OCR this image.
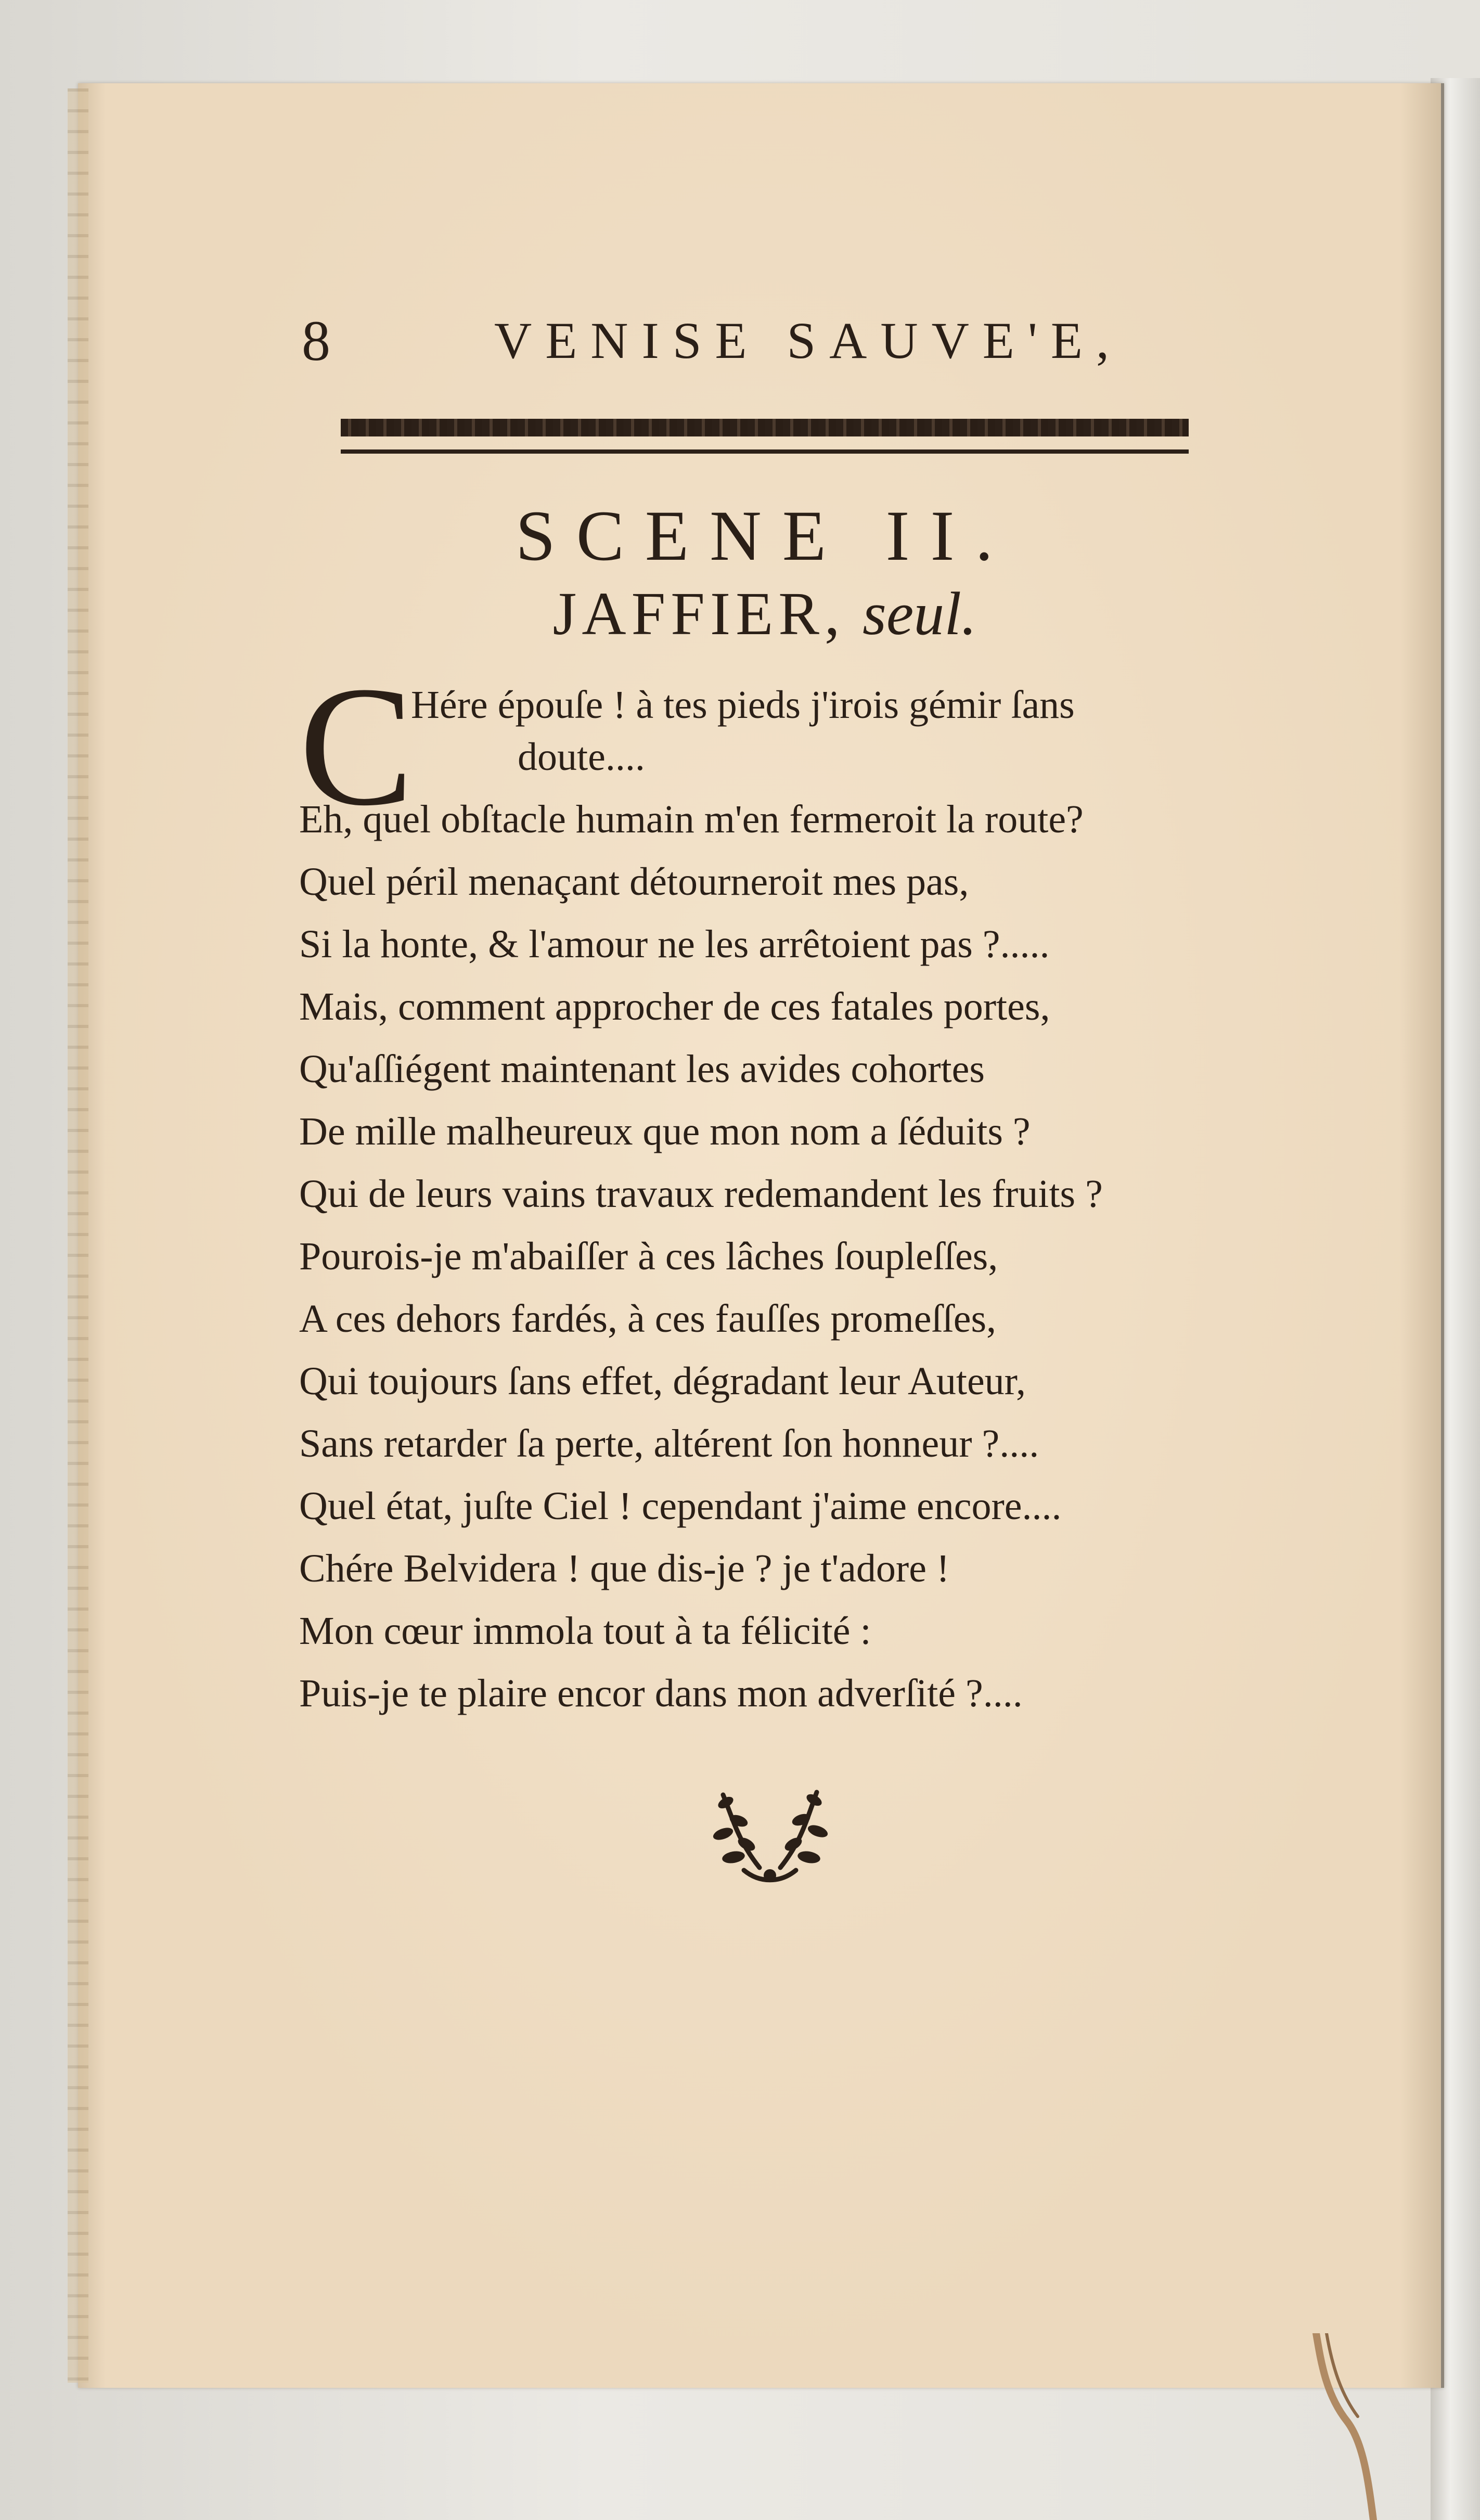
8	VENISE SAUVE'E,
SCENE II.
JAFFIER, seul.
C
Hére épouſe ! à tes pieds j'irois gémir ſans
doute....
Eh, quel obſtacle humain m'en fermeroit la route?
Quel péril menaçant détourneroit mes pas,
Si la honte, & l'amour ne les arrêtoient pas ?.....
Mais, comment approcher de ces fatales portes,
Qu'aſſiégent maintenant les avides cohortes
De mille malheureux que mon nom a ſéduits ?
Qui de leurs vains travaux redemandent les fruits ?
Pourois-je m'abaiſſer à ces lâches ſoupleſſes,
A ces dehors fardés, à ces fauſſes promeſſes,
Qui toujours ſans effet, dégradant leur Auteur,
Sans retarder ſa perte, altérent ſon honneur ?....
Quel état, juſte Ciel ! cependant j'aime encore....
Chére Belvidera ! que dis-je ? je t'adore !
Mon cœur immola tout à ta félicité :
Puis-je te plaire encor dans mon adverſité ?....
